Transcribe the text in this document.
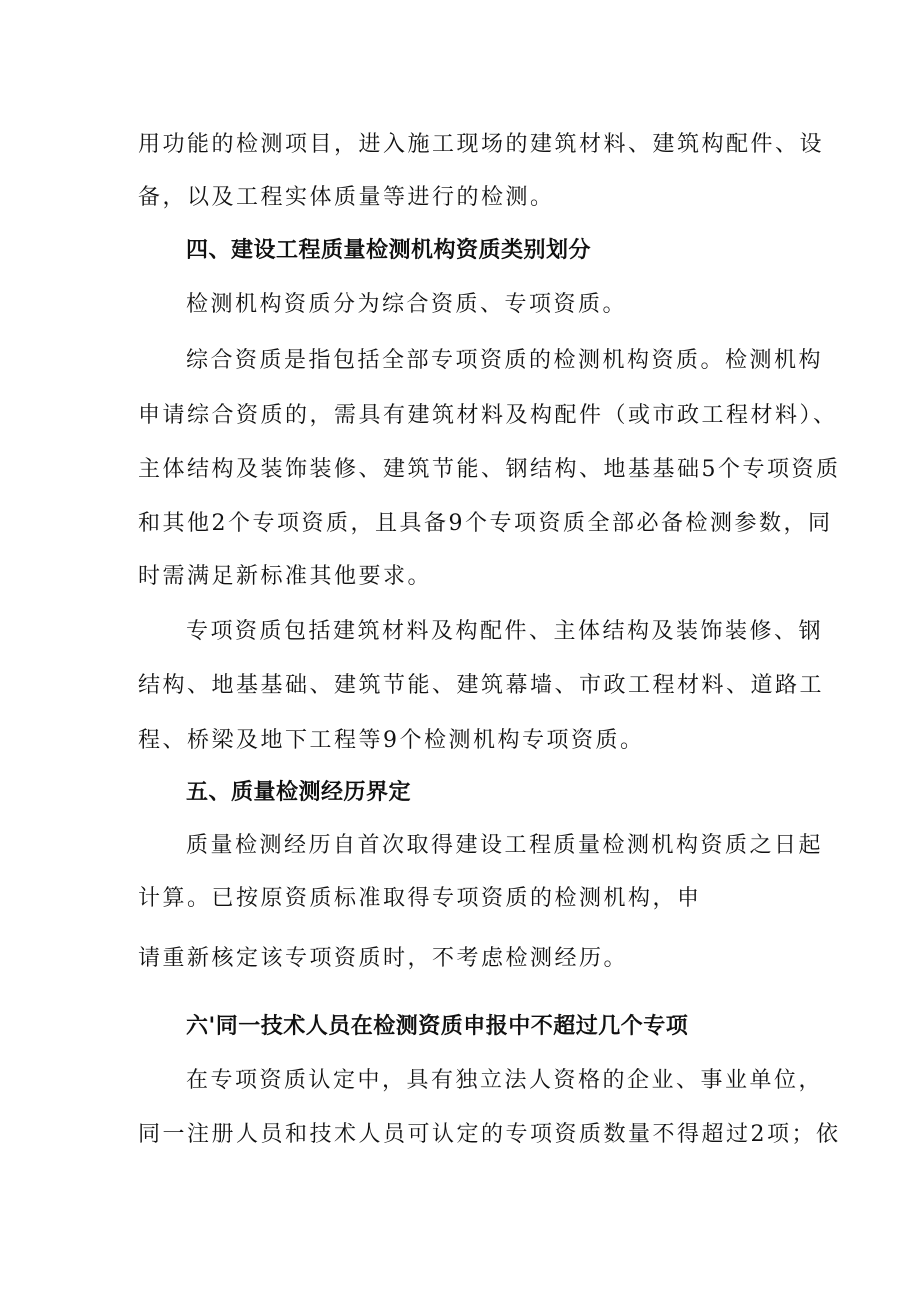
用功能的检测项目，进入施工现场的建筑材料、建筑构配件、设
备，以及工程实体质量等进行的检测。
四、建设工程质量检测机构资质类别划分
检测机构资质分为综合资质、专项资质。
综合资质是指包括全部专项资质的检测机构资质。检测机构
申请综合资质的，需具有建筑材料及构配件（或市政工程材料）、
主体结构及装饰装修、建筑节能、钢结构、地基基础5个专项资质
和其他2个专项资质，且具备9个专项资质全部必备检测参数，同
时需满足新标准其他要求。
专项资质包括建筑材料及构配件、主体结构及装饰装修、钢
结构、地基基础、建筑节能、建筑幕墙、市政工程材料、道路工
程、桥梁及地下工程等9个检测机构专项资质。
五、质量检测经历界定
质量检测经历自首次取得建设工程质量检测机构资质之日起
计算。已按原资质标准取得专项资质的检测机构，申
请重新核定该专项资质时，不考虑检测经历。
六'同一技术人员在检测资质申报中不超过几个专项
在专项资质认定中，具有独立法人资格的企业、事业单位，
同一注册人员和技术人员可认定的专项资质数量不得超过2项；依
